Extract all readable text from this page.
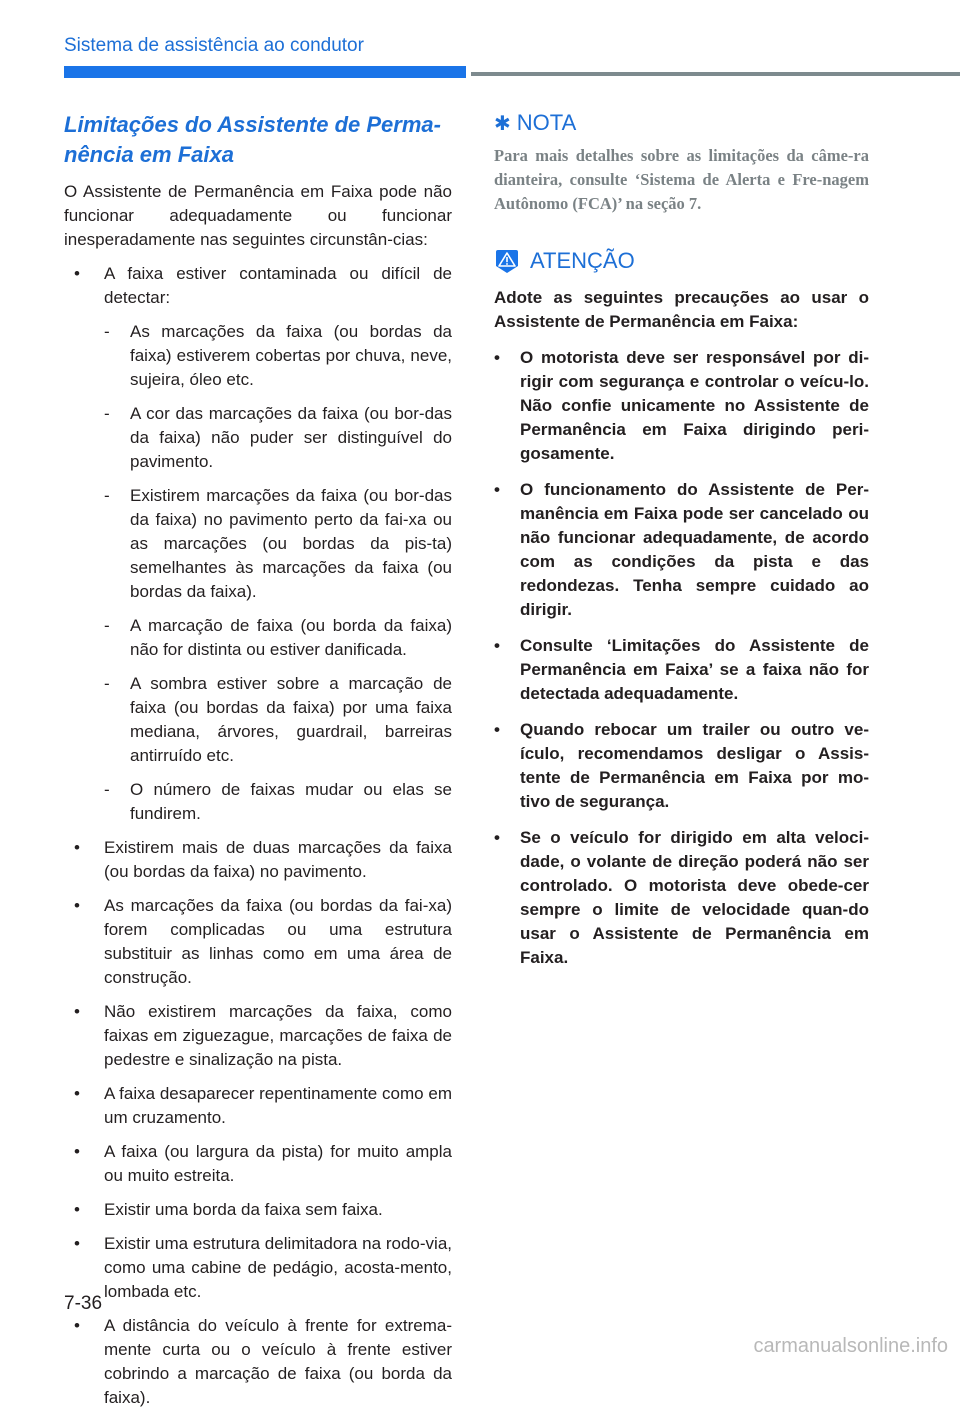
Sistema de assistência ao condutor
Limitações do Assistente de Perma-
nência em Faixa

O Assistente de Permanência em Faixa pode não funcionar adequadamente ou funcionar inesperadamente nas seguintes circunstân-cias:

• A faixa estiver contaminada ou difícil de detectar:
- As marcações da faixa (ou bordas da faixa) estiverem cobertas por chuva, neve, sujeira, óleo etc.
- A cor das marcações da faixa (ou bor-das da faixa) não puder ser distinguível do pavimento.
- Existirem marcações da faixa (ou bor-das da faixa) no pavimento perto da fai-xa ou as marcações (ou bordas da pis-ta) semelhantes às marcações da faixa (ou bordas da faixa).
- A marcação de faixa (ou borda da faixa) não for distinta ou estiver danificada.
- A sombra estiver sobre a marcação de faixa (ou bordas da faixa) por uma faixa mediana, árvores, guardrail, barreiras antirruído etc.
- O número de faixas mudar ou elas se fundirem.
• Existirem mais de duas marcações da faixa (ou bordas da faixa) no pavimento.
• As marcações da faixa (ou bordas da fai-xa) forem complicadas ou uma estrutura substituir as linhas como em uma área de construção.
• Não existirem marcações da faixa, como faixas em ziguezague, marcações de faixa de pedestre e sinalização na pista.
• A faixa desaparecer repentinamente como em um cruzamento.
• A faixa (ou largura da pista) for muito ampla ou muito estreita.
• Existir uma borda da faixa sem faixa.
• Existir uma estrutura delimitadora na rodo-via, como uma cabine de pedágio, acosta-mento, lombada etc.
• A distância do veículo à frente for extrema-mente curta ou o veículo à frente estiver cobrindo a marcação de faixa (ou borda da faixa).
✱ NOTA

Para mais detalhes sobre as limitações da câme-ra dianteira, consulte ‘Sistema de Alerta e Fre-nagem Autônomo (FCA)’ na seção 7.

ATENÇÃO

Adote as seguintes precauções ao usar o Assistente de Permanência em Faixa:

• O motorista deve ser responsável por di-rigir com segurança e controlar o veícu-lo. Não confie unicamente no Assistente de Permanência em Faixa dirigindo peri-gosamente.
• O funcionamento do Assistente de Per-manência em Faixa pode ser cancelado ou não funcionar adequadamente, de acordo com as condições da pista e das redondezas. Tenha sempre cuidado ao dirigir.
• Consulte ‘Limitações do Assistente de Permanência em Faixa’ se a faixa não for detectada adequadamente.
• Quando rebocar um trailer ou outro ve-ículo, recomendamos desligar o Assis-tente de Permanência em Faixa por mo-tivo de segurança.
• Se o veículo for dirigido em alta veloci-dade, o volante de direção poderá não ser controlado. O motorista deve obede-cer sempre o limite de velocidade quan-do usar o Assistente de Permanência em Faixa.
7-36
carmanualsonline.info
